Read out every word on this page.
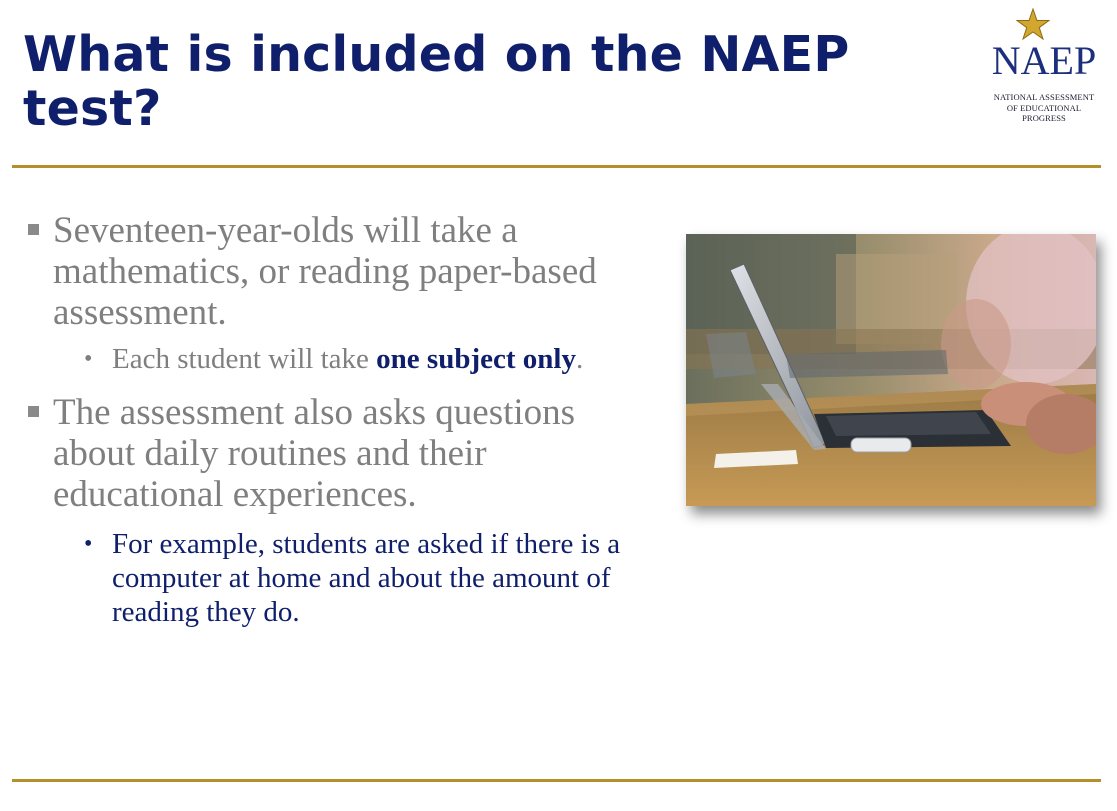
What is included on the NAEP test?
NAEP
NATIONAL ASSESSMENT
OF EDUCATIONAL
PROGRESS
Seventeen-year-olds will take a mathematics, or reading paper-based assessment.
• Each student will take one subject only.
The assessment also asks questions about daily routines and their educational experiences.
• For example, students are asked if there is a computer at home and about the amount of reading they do.
